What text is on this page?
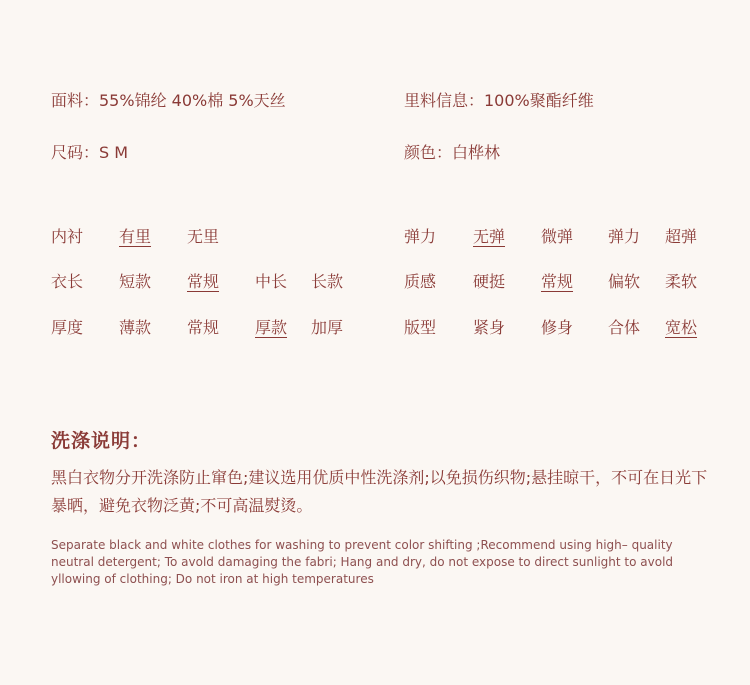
面料：55%锦纶 40%棉 5%天丝	里料信息：100%聚酯纤维
尺码：S M	颜色：白桦林
内衬 有里 无里
衣长 短款 常规 中长 长款
厚度 薄款 常规 厚款 加厚
弹力 无弹 微弹 弹力 超弹
质感 硬挺 常规 偏软 柔软
版型 紧身 修身 合体 宽松
洗涤说明：
黑白衣物分开洗涤防止窜色;建议选用优质中性洗涤剂;以免损伤织物;悬挂晾干，不可在日光下暴晒，避免衣物泛黄;不可高温熨烫。
Separate black and white clothes for washing to prevent color shifting ;Recommend using high– quality neutral detergent; To avold damaging the fabri; Hang and dry, do not expose to direct sunlight to avold yllowing of clothing; Do not iron at high temperatures
